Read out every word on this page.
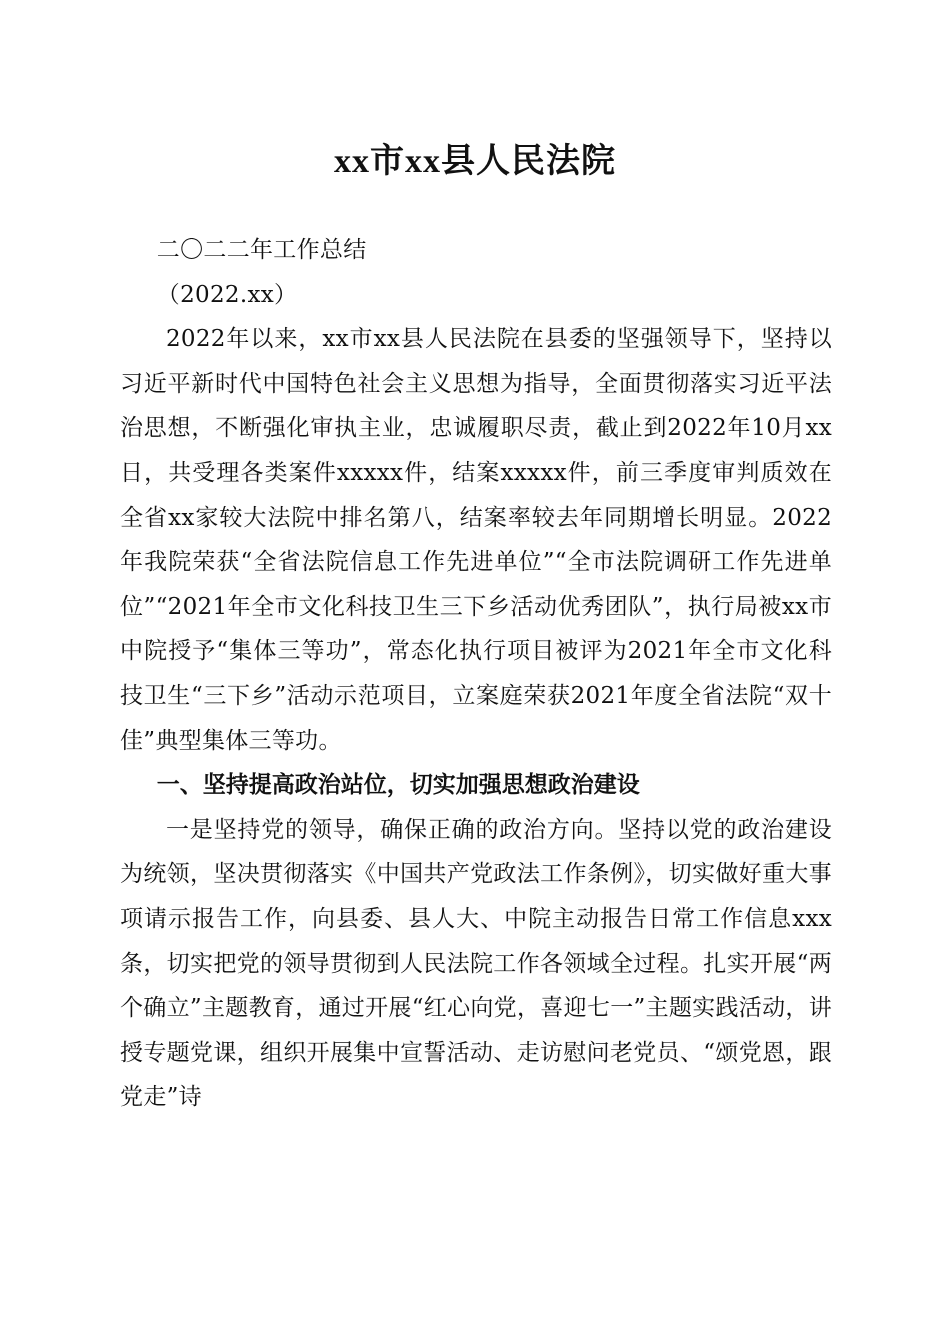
xx市xx县人民法院

二〇二二年工作总结

（2022.xx）

2022年以来，xx市xx县人民法院在县委的坚强领导下，坚持以习近平新时代中国特色社会主义思想为指导，全面贯彻落实习近平法治思想，不断强化审执主业，忠诚履职尽责，截止到2022年10月xx日，共受理各类案件xxxxx件，结案xxxxx件，前三季度审判质效在全省xx家较大法院中排名第八，结案率较去年同期增长明显。2022年我院荣获“全省法院信息工作先进单位”“全市法院调研工作先进单位”“2021年全市文化科技卫生三下乡活动优秀团队”，执行局被xx市中院授予“集体三等功”，常态化执行项目被评为2021年全市文化科技卫生“三下乡”活动示范项目，立案庭荣获2021年度全省法院“双十佳”典型集体三等功。

一、坚持提高政治站位，切实加强思想政治建设

一是坚持党的领导，确保正确的政治方向。坚持以党的政治建设为统领，坚决贯彻落实《中国共产党政法工作条例》，切实做好重大事项请示报告工作，向县委、县人大、中院主动报告日常工作信息xxx条，切实把党的领导贯彻到人民法院工作各领域全过程。扎实开展“两个确立”主题教育，通过开展“红心向党，喜迎七一”主题实践活动，讲授专题党课，组织开展集中宣誓活动、走访慰问老党员、“颂党恩，跟党走”诗
